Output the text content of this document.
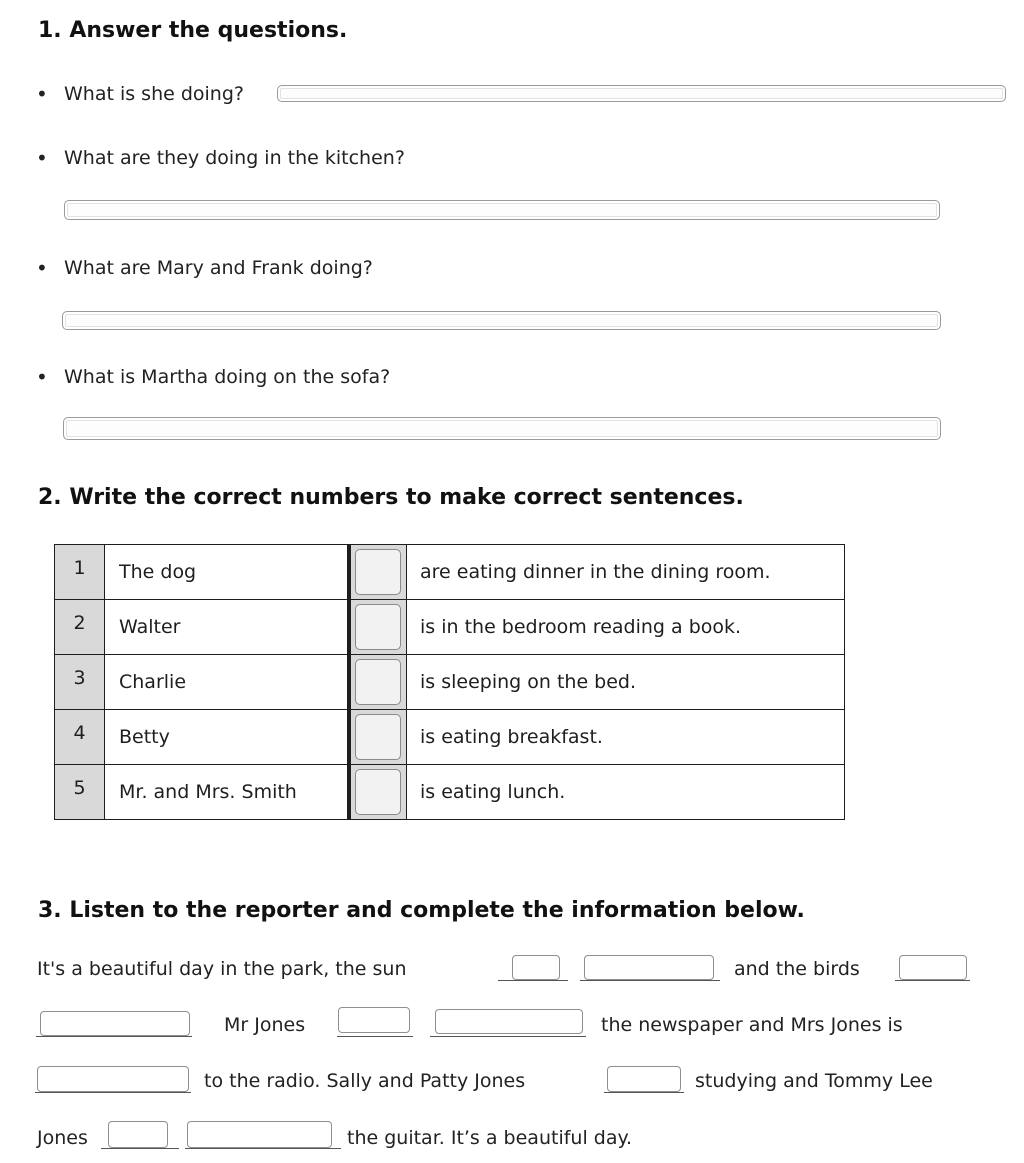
1. Answer the questions.
• What is she doing?
• What are they doing in the kitchen?
• What are Mary and Frank doing?
• What is Martha doing on the sofa?
2. Write the correct numbers to make correct sentences.
1	The dog		are eating dinner in the dining room.
2	Walter		is in the bedroom reading a book.
3	Charlie		is sleeping on the bed.
4	Betty		is eating breakfast.
5	Mr. and Mrs. Smith		is eating lunch.
3. Listen to the reporter and complete the information below.
It's a beautiful day in the park, the sun	and the birds
Mr Jones	the newspaper and Mrs Jones is
to the radio. Sally and Patty Jones	studying and Tommy Lee
Jones	the guitar. It’s a beautiful day.
